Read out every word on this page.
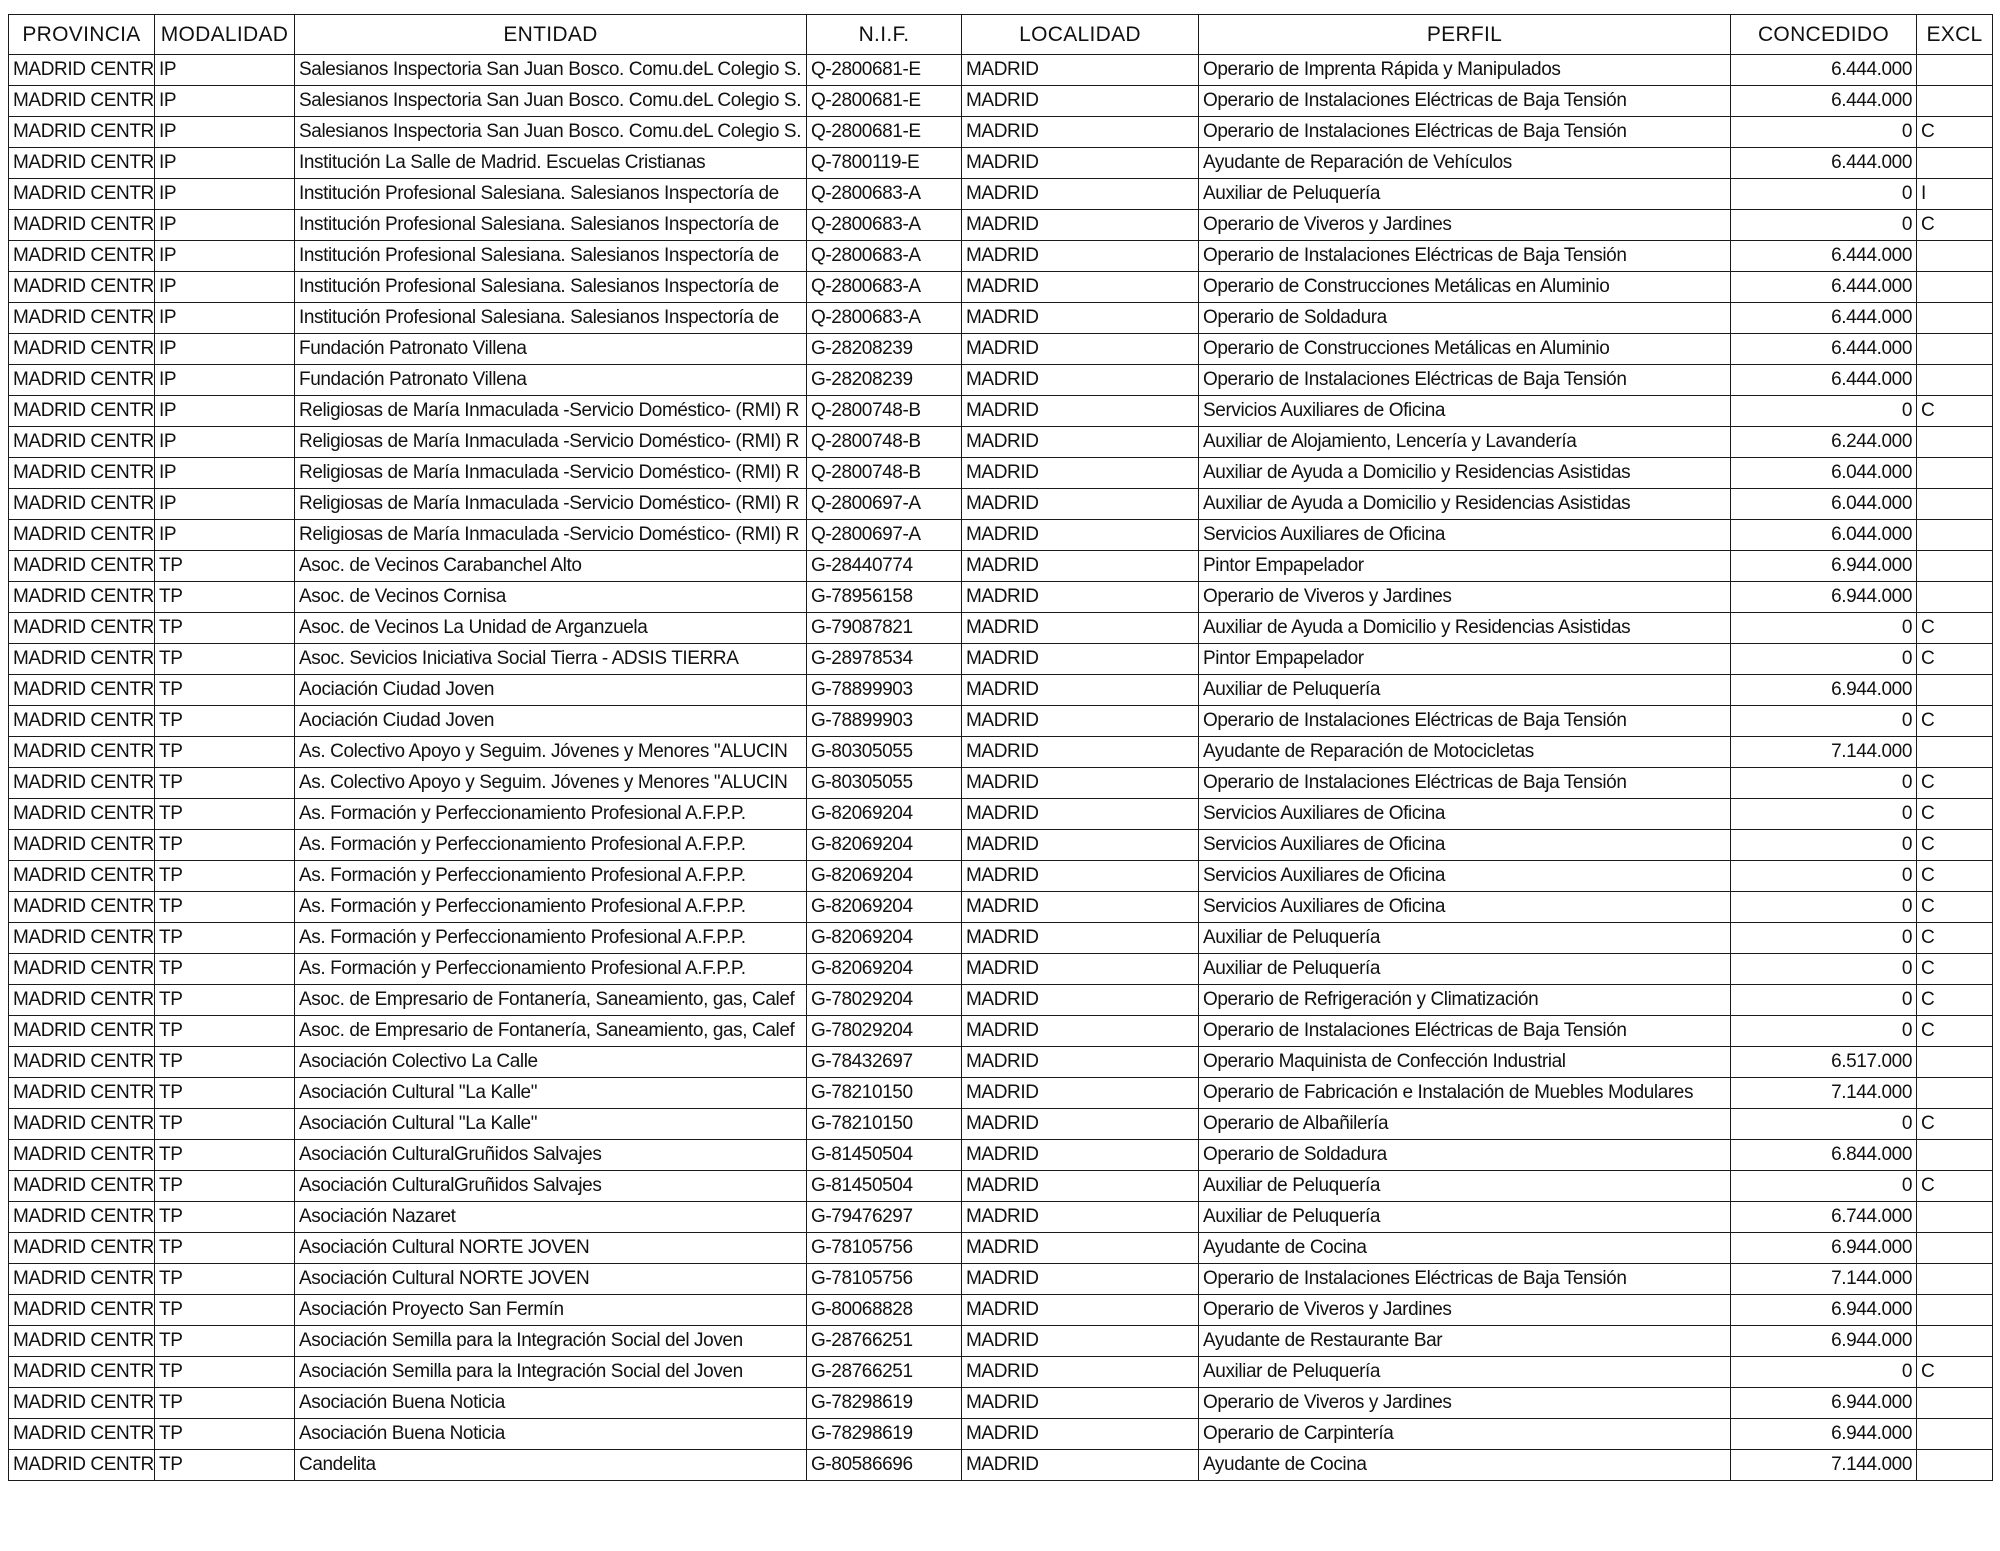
PROVINCIA	MODALIDAD	ENTIDAD	N.I.F.	LOCALIDAD	PERFIL	CONCEDIDO	EXCL
MADRID CENTR	IP	Salesianos Inspectoria San Juan Bosco. Comu.deL Colegio S.	Q-2800681-E	MADRID	Operario de Imprenta Rápida y Manipulados	6.444.000	
MADRID CENTR	IP	Salesianos Inspectoria San Juan Bosco. Comu.deL Colegio S.	Q-2800681-E	MADRID	Operario de Instalaciones Eléctricas de Baja Tensión	6.444.000	
MADRID CENTR	IP	Salesianos Inspectoria San Juan Bosco. Comu.deL Colegio S.	Q-2800681-E	MADRID	Operario de Instalaciones Eléctricas de Baja Tensión	0	C
MADRID CENTR	IP	Institución La Salle de Madrid. Escuelas Cristianas	Q-7800119-E	MADRID	Ayudante de Reparación de Vehículos	6.444.000	
MADRID CENTR	IP	Institución Profesional Salesiana. Salesianos Inspectoría de	Q-2800683-A	MADRID	Auxiliar de Peluquería	0	I
MADRID CENTR	IP	Institución Profesional Salesiana. Salesianos Inspectoría de	Q-2800683-A	MADRID	Operario de Viveros y Jardines	0	C
MADRID CENTR	IP	Institución Profesional Salesiana. Salesianos Inspectoría de	Q-2800683-A	MADRID	Operario de Instalaciones Eléctricas de Baja Tensión	6.444.000	
MADRID CENTR	IP	Institución Profesional Salesiana. Salesianos Inspectoría de	Q-2800683-A	MADRID	Operario de Construcciones Metálicas en Aluminio	6.444.000	
MADRID CENTR	IP	Institución Profesional Salesiana. Salesianos Inspectoría de	Q-2800683-A	MADRID	Operario de Soldadura	6.444.000	
MADRID CENTR	IP	Fundación Patronato Villena	G-28208239	MADRID	Operario de Construcciones Metálicas en Aluminio	6.444.000	
MADRID CENTR	IP	Fundación Patronato Villena	G-28208239	MADRID	Operario de Instalaciones Eléctricas de Baja Tensión	6.444.000	
MADRID CENTR	IP	Religiosas de María Inmaculada -Servicio Doméstico- (RMI) R	Q-2800748-B	MADRID	Servicios Auxiliares de Oficina	0	C
MADRID CENTR	IP	Religiosas de María Inmaculada -Servicio Doméstico- (RMI) R	Q-2800748-B	MADRID	Auxiliar de Alojamiento, Lencería y Lavandería	6.244.000	
MADRID CENTR	IP	Religiosas de María Inmaculada -Servicio Doméstico- (RMI) R	Q-2800748-B	MADRID	Auxiliar de Ayuda a Domicilio y Residencias Asistidas	6.044.000	
MADRID CENTR	IP	Religiosas de María Inmaculada -Servicio Doméstico- (RMI) R	Q-2800697-A	MADRID	Auxiliar de Ayuda a Domicilio y Residencias Asistidas	6.044.000	
MADRID CENTR	IP	Religiosas de María Inmaculada -Servicio Doméstico- (RMI) R	Q-2800697-A	MADRID	Servicios Auxiliares de Oficina	6.044.000	
MADRID CENTR	TP	Asoc. de Vecinos Carabanchel Alto	G-28440774	MADRID	Pintor Empapelador	6.944.000	
MADRID CENTR	TP	Asoc. de Vecinos Cornisa	G-78956158	MADRID	Operario de Viveros y Jardines	6.944.000	
MADRID CENTR	TP	Asoc. de Vecinos La Unidad de Arganzuela	G-79087821	MADRID	Auxiliar de Ayuda a Domicilio y Residencias Asistidas	0	C
MADRID CENTR	TP	Asoc. Sevicios Iniciativa Social Tierra - ADSIS TIERRA	G-28978534	MADRID	Pintor Empapelador	0	C
MADRID CENTR	TP	Aociación Ciudad Joven	G-78899903	MADRID	Auxiliar de Peluquería	6.944.000	
MADRID CENTR	TP	Aociación Ciudad Joven	G-78899903	MADRID	Operario de Instalaciones Eléctricas de Baja Tensión	0	C
MADRID CENTR	TP	As. Colectivo Apoyo y Seguim. Jóvenes y Menores "ALUCIN	G-80305055	MADRID	Ayudante de Reparación de Motocicletas	7.144.000	
MADRID CENTR	TP	As. Colectivo Apoyo y Seguim. Jóvenes y Menores "ALUCIN	G-80305055	MADRID	Operario de Instalaciones Eléctricas de Baja Tensión	0	C
MADRID CENTR	TP	As. Formación y Perfeccionamiento Profesional A.F.P.P.	G-82069204	MADRID	Servicios Auxiliares de Oficina	0	C
MADRID CENTR	TP	As. Formación y Perfeccionamiento Profesional A.F.P.P.	G-82069204	MADRID	Servicios Auxiliares de Oficina	0	C
MADRID CENTR	TP	As. Formación y Perfeccionamiento Profesional A.F.P.P.	G-82069204	MADRID	Servicios Auxiliares de Oficina	0	C
MADRID CENTR	TP	As. Formación y Perfeccionamiento Profesional A.F.P.P.	G-82069204	MADRID	Servicios Auxiliares de Oficina	0	C
MADRID CENTR	TP	As. Formación y Perfeccionamiento Profesional A.F.P.P.	G-82069204	MADRID	Auxiliar de Peluquería	0	C
MADRID CENTR	TP	As. Formación y Perfeccionamiento Profesional A.F.P.P.	G-82069204	MADRID	Auxiliar de Peluquería	0	C
MADRID CENTR	TP	Asoc. de Empresario de Fontanería, Saneamiento, gas, Calef	G-78029204	MADRID	Operario de Refrigeración y Climatización	0	C
MADRID CENTR	TP	Asoc. de Empresario de Fontanería, Saneamiento, gas, Calef	G-78029204	MADRID	Operario de Instalaciones Eléctricas de Baja Tensión	0	C
MADRID CENTR	TP	Asociación Colectivo La Calle	G-78432697	MADRID	Operario Maquinista de Confección Industrial	6.517.000	
MADRID CENTR	TP	Asociación Cultural "La Kalle"	G-78210150	MADRID	Operario de Fabricación e Instalación de Muebles Modulares	7.144.000	
MADRID CENTR	TP	Asociación Cultural "La Kalle"	G-78210150	MADRID	Operario de Albañilería	0	C
MADRID CENTR	TP	Asociación CulturalGruñidos Salvajes	G-81450504	MADRID	Operario de Soldadura	6.844.000	
MADRID CENTR	TP	Asociación CulturalGruñidos Salvajes	G-81450504	MADRID	Auxiliar de Peluquería	0	C
MADRID CENTR	TP	Asociación Nazaret	G-79476297	MADRID	Auxiliar de Peluquería	6.744.000	
MADRID CENTR	TP	Asociación Cultural NORTE JOVEN	G-78105756	MADRID	Ayudante de Cocina	6.944.000	
MADRID CENTR	TP	Asociación Cultural NORTE JOVEN	G-78105756	MADRID	Operario de Instalaciones Eléctricas de Baja Tensión	7.144.000	
MADRID CENTR	TP	Asociación Proyecto San Fermín	G-80068828	MADRID	Operario de Viveros y Jardines	6.944.000	
MADRID CENTR	TP	Asociación Semilla para la Integración Social del Joven	G-28766251	MADRID	Ayudante de Restaurante Bar	6.944.000	
MADRID CENTR	TP	Asociación Semilla para la Integración Social del Joven	G-28766251	MADRID	Auxiliar de Peluquería	0	C
MADRID CENTR	TP	Asociación Buena Noticia	G-78298619	MADRID	Operario de Viveros y Jardines	6.944.000	
MADRID CENTR	TP	Asociación Buena Noticia	G-78298619	MADRID	Operario de Carpintería	6.944.000	
MADRID CENTR	TP	Candelita	G-80586696	MADRID	Ayudante de Cocina	7.144.000	
